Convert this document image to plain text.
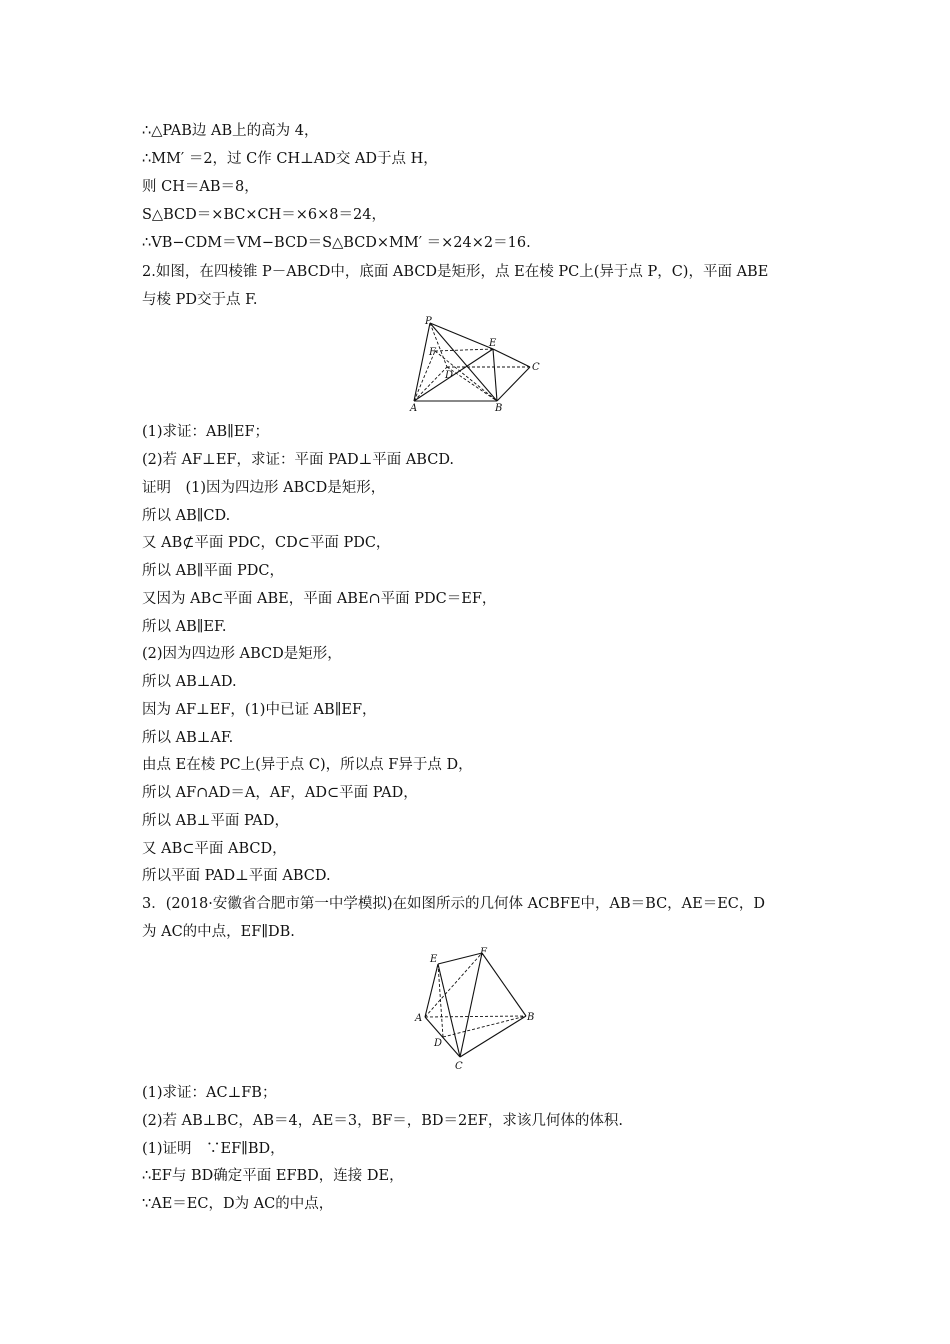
∴△PAB边 AB上的高为 4，
∴MM′ ＝2，过 C作 CH⊥AD交 AD于点 H，
则 CH＝AB＝8，
S△BCD＝×BC×CH＝×6×8＝24，
∴VB−CDM＝VM−BCD＝S△BCD×MM′ ＝×24×2＝16.
2.如图，在四棱锥 P－ABCD中，底面 ABCD是矩形，点 E在棱 PC上(异于点 P，C)，平面 ABE
与棱 PD交于点 F.
P
F
E
D
C
A	B
(1)求证：AB∥EF；
(2)若 AF⊥EF，求证：平面 PAD⊥平面 ABCD.
证明　(1)因为四边形 ABCD是矩形，
所以 AB∥CD.
又 AB⊄平面 PDC，CD⊂平面 PDC，
所以 AB∥平面 PDC，
又因为 AB⊂平面 ABE，平面 ABE∩平面 PDC＝EF，
所以 AB∥EF.
(2)因为四边形 ABCD是矩形，
所以 AB⊥AD.
因为 AF⊥EF，(1)中已证 AB∥EF，
所以 AB⊥AF.
由点 E在棱 PC上(异于点 C)，所以点 F异于点 D，
所以 AF∩AD＝A，AF，AD⊂平面 PAD，
所以 AB⊥平面 PAD，
又 AB⊂平面 ABCD，
所以平面 PAD⊥平面 ABCD.
3．(2018·安徽省合肥市第一中学模拟)在如图所示的几何体 ACBFE中，AB＝BC，AE＝EC，D
为 AC的中点，EF∥DB.
E
F
A	B
D
C
(1)求证：AC⊥FB；
(2)若 AB⊥BC，AB＝4，AE＝3，BF＝，BD＝2EF，求该几何体的体积.
(1)证明　∵EF∥BD，
∴EF与 BD确定平面 EFBD，连接 DE，
∵AE＝EC，D为 AC的中点，
